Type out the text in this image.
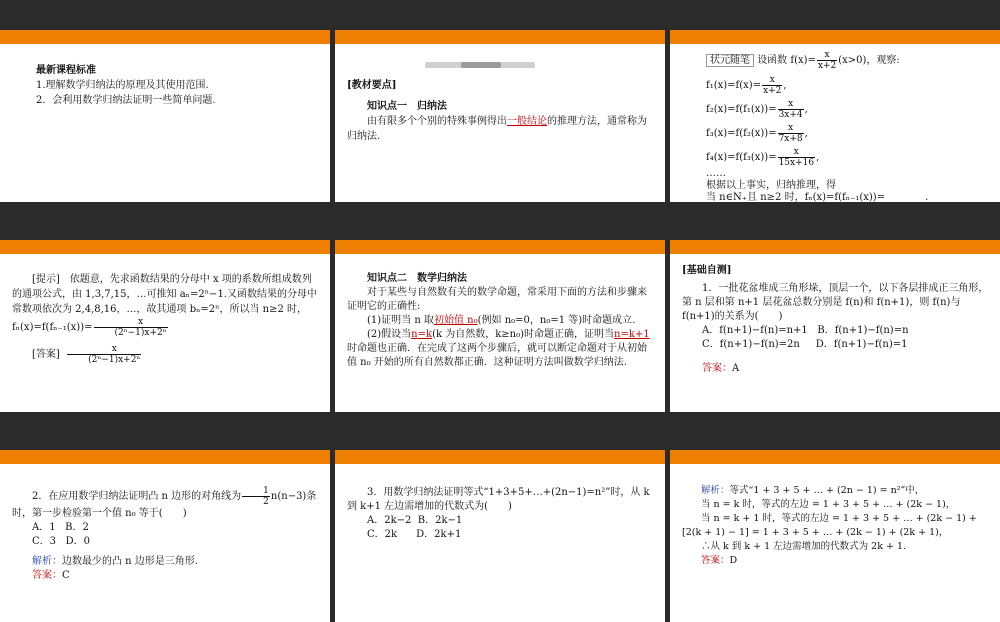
最新课程标准
1.理解数学归纳法的原理及其使用范围.
2．会利用数学归纳法证明一些简单问题.
[教材要点]
知识点一　归纳法
由有限多个个别的特殊事例得出一般结论的推理方法，通常称为归纳法.
状元随笔 设函数 $f(x)= \frac{x}{x+2} (x>0)$，观察:
$f_1(x)=f(x)= \frac{x}{x+2}$ ,
$f_2(x)=f(f_1(x))= \frac{x}{3x+4}$ ,
$f_3(x)=f(f_2(x))= \frac{x}{7x+8}$ ,
$f_4(x)=f(f_3(x))= \frac{x}{15x+16}$ ,
……
根据以上事实，归纳推理，得
当 n∈N₊且 n≥2 时，fₙ(x)=f(fₙ₋₁(x))=________.
[提示]　依题意，先求函数结果的分母中 x 项的系数所组成数列的通项公式，由 1,3,7,15，…可推知 aₙ=2ⁿ−1.又函数结果的分母中常数项依次为 2,4,8,16，…，故其通项 bₙ=2ⁿ，所以当 n≥2 时，$f_n(x)=f(f_{n-1}(x))= \frac{x}{\text{(2ⁿ−1)x+2ⁿ}}$
[答案] $\frac{x}{\text{(2ⁿ−1)x+2ⁿ}}$
知识点二　数学归纳法
对于某些与自然数有关的数学命题，常采用下面的方法和步骤来证明它的正确性:
(1)证明当 n 取初始值 n₀(例如 n₀=0，n₀=1 等)时命题成立.
(2)假设当n=k(k 为自然数，k≥n₀)时命题正确，证明当n=k+1时命题也正确．在完成了这两个步骤后，就可以断定命题对于从初始值 n₀ 开始的所有自然数都正确．这种证明方法叫做数学归纳法.
[基础自测]
1．一批花盆堆成三角形垛，顶层一个，以下各层排成正三角形，第 n 层和第 n+1 层花盆总数分别是 f(n)和 f(n+1)，则 f(n)与 f(n+1)的关系为(　　)
A．f(n+1)−f(n)=n+1 B．f(n+1)−f(n)=n
C．f(n+1)−f(n)=2n D．f(n+1)−f(n)=1
答案：A
2．在应用数学归纳法证明凸 n 边形的对角线为 $\frac{1}{2} n(n-3)$条时，第一步检验第一个值 n₀ 等于(　　)
A．1 B．2
C．3 D．0
解析：边数最少的凸 n 边形是三角形.
答案：C
3．用数学归纳法证明等式“1+3+5+…+(2n−1)=n²”时，从 k 到 k+1 左边需增加的代数式为(　　)
A．2k−2 B．2k−1
C．2k D．2k+1
解析：等式“1 + 3 + 5 + … + (2n − 1) = n²”中，
当 n = k 时，等式的左边 = 1 + 3 + 5 + … + (2k − 1)，
当 n = k + 1 时，等式的左边 = 1 + 3 + 5 + … + (2k − 1) + [2(k + 1) − 1] = 1 + 3 + 5 + … + (2k − 1) + (2k + 1)，
∴从 k 到 k + 1 左边需增加的代数式为 2k + 1.
答案：D
